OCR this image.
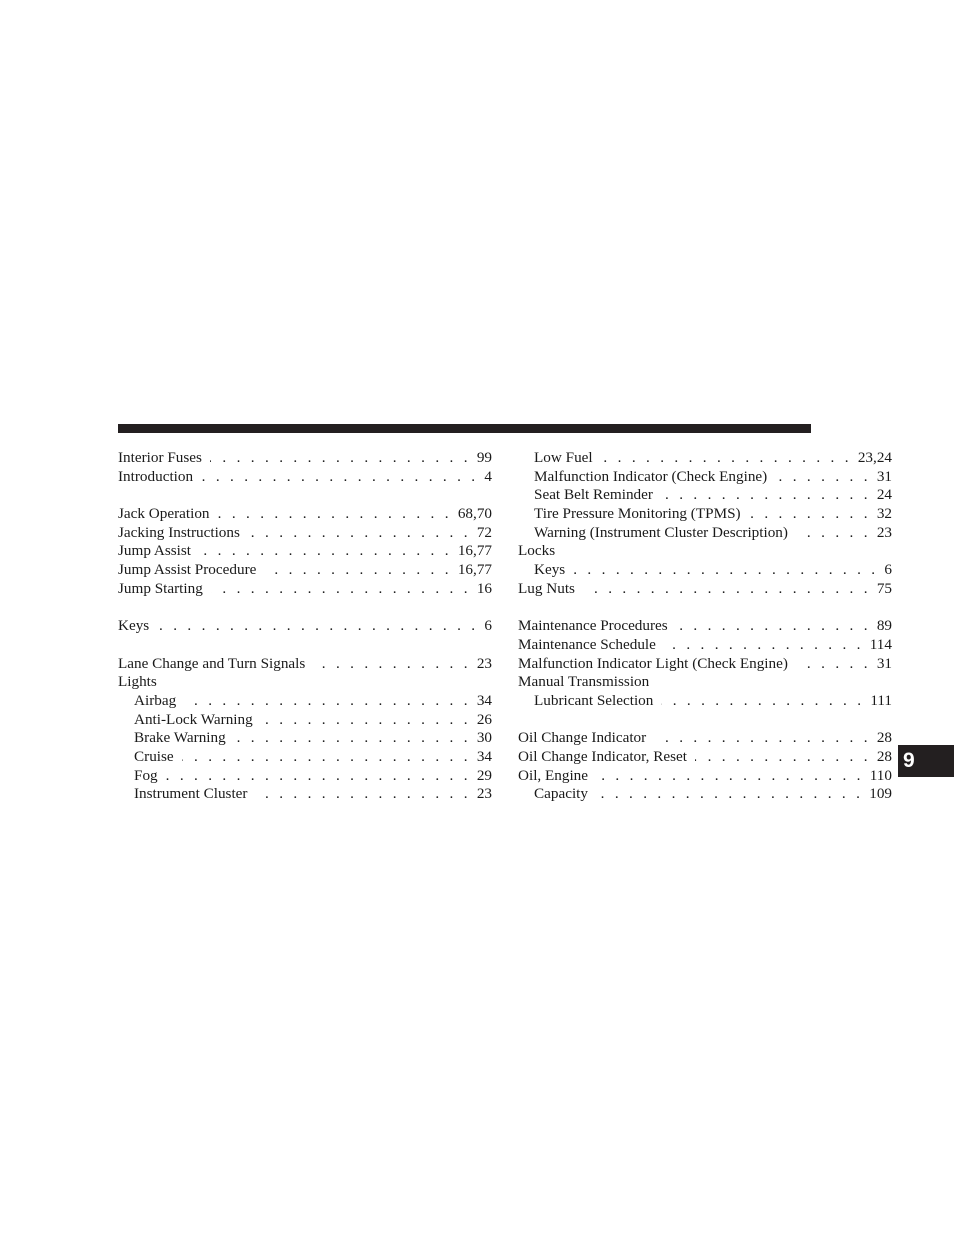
Interior Fuses . . .	99
Introduction . . .	4
Jack Operation . . .	68,70
Jacking Instructions . . .	72
Jump Assist . . .	16,77
Jump Assist Procedure . . .	16,77
Jump Starting . . .	16
Keys . . .	6
Lane Change and Turn Signals . . .	23
Lights
Airbag . . .	34
Anti-Lock Warning . . .	26
Brake Warning . . .	30
Cruise . . .	34
Fog . . .	29
Instrument Cluster . . .	23
Low Fuel . . .	23,24
Malfunction Indicator (Check Engine) . . .	31
Seat Belt Reminder . . .	24
Tire Pressure Monitoring (TPMS) . . .	32
Warning (Instrument Cluster Description) . . .	23
Locks
Keys . . .	6
Lug Nuts . . .	75
Maintenance Procedures . . .	89
Maintenance Schedule . . .	114
Malfunction Indicator Light (Check Engine) . . .	31
Manual Transmission
Lubricant Selection . . .	111
Oil Change Indicator . . .	28
Oil Change Indicator, Reset . . .	28
Oil, Engine . . .	110
Capacity . . .	109
9
